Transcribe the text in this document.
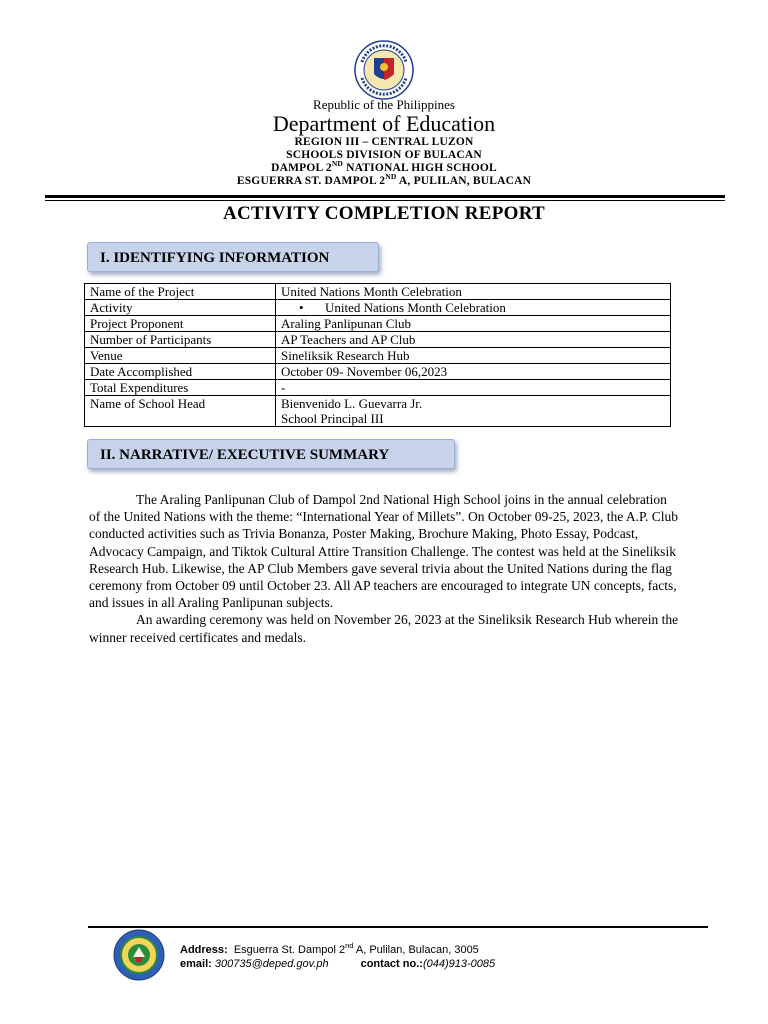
Republic of the Philippines
Department of Education
REGION III – CENTRAL LUZON
SCHOOLS DIVISION OF BULACAN
DAMPOL 2ND NATIONAL HIGH SCHOOL
ESGUERRA ST. DAMPOL 2ND A, PULILAN, BULACAN
ACTIVITY COMPLETION REPORT
I. IDENTIFYING INFORMATION
Name of the Project	United Nations Month Celebration
Activity	• United Nations Month Celebration
Project Proponent	Araling Panlipunan Club
Number of Participants	AP Teachers and AP Club
Venue	Sineliksik Research Hub
Date Accomplished	October 09- November 06,2023
Total Expenditures	-
Name of School Head	Bienvenido L. Guevarra Jr.
School Principal III
II. NARRATIVE/ EXECUTIVE SUMMARY

The Araling Panlipunan Club of Dampol 2nd National High School joins in the annual celebration of the United Nations with the theme: “International Year of Millets”. On October 09-25, 2023, the A.P. Club conducted activities such as Trivia Bonanza, Poster Making, Brochure Making, Photo Essay, Podcast, Advocacy Campaign, and Tiktok Cultural Attire Transition Challenge. The contest was held at the Sineliksik Research Hub. Likewise, the AP Club Members gave several trivia about the United Nations during the flag ceremony from October 09 until October 23. All AP teachers are encouraged to integrate UN concepts, facts, and issues in all Araling Panlipunan subjects.

An awarding ceremony was held on November 26, 2023 at the Sineliksik Research Hub wherein the winner received certificates and medals.

Address: Esguerra St. Dampol 2nd A, Pulilan, Bulacan, 3005
email: 300735@deped.gov.ph	contact no.:(044)913-0085
